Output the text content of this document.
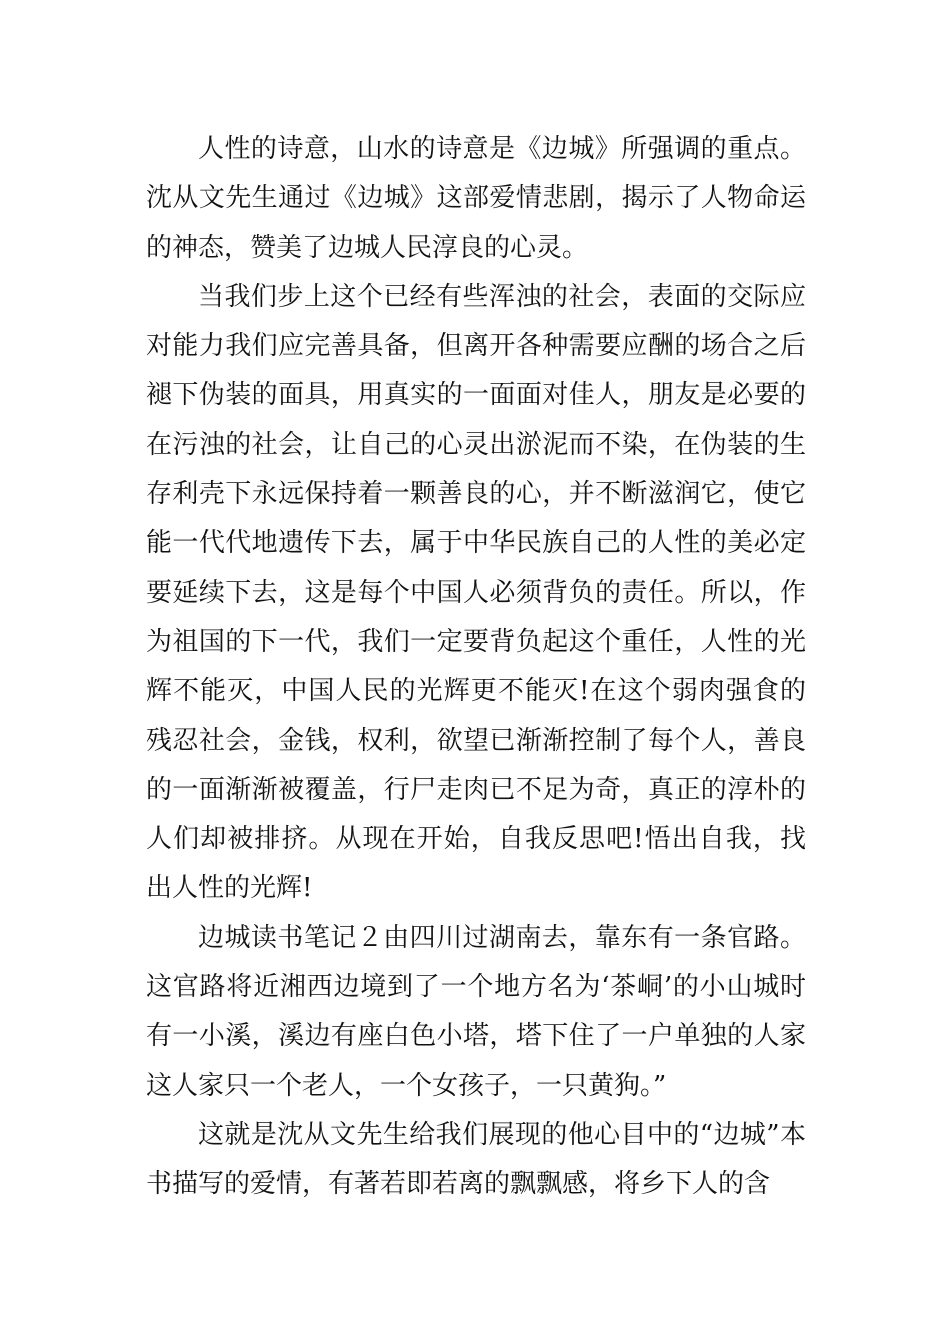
人性的诗意，山水的诗意是《边城》所强调的重点。沈从文先生通过《边城》这部爱情悲剧，揭示了人物命运的神态，赞美了边城人民淳良的心灵。

当我们步上这个已经有些浑浊的社会，表面的交际应对能力我们应完善具备，但离开各种需要应酬的场合之后褪下伪装的面具，用真实的一面面对佳人，朋友是必要的在污浊的社会，让自己的心灵出淤泥而不染，在伪装的生存利壳下永远保持着一颗善良的心，并不断滋润它，使它能一代代地遗传下去，属于中华民族自己的人性的美必定要延续下去，这是每个中国人必须背负的责任。所以，作为祖国的下一代，我们一定要背负起这个重任，人性的光辉不能灭，中国人民的光辉更不能灭!在这个弱肉强食的残忍社会，金钱，权利，欲望已渐渐控制了每个人，善良的一面渐渐被覆盖，行尸走肉已不足为奇，真正的淳朴的人们却被排挤。从现在开始，自我反思吧!悟出自我，找出人性的光辉!

边城读书笔记２由四川过湖南去，靠东有一条官路。这官路将近湘西边境到了一个地方名为‘茶峒’的小山城时有一小溪，溪边有座白色小塔，塔下住了一户单独的人家这人家只一个老人，一个女孩子，一只黄狗。”

这就是沈从文先生给我们展现的他心目中的“边城”本书描写的爱情，有著若即若离的飘飘感，将乡下人的含
